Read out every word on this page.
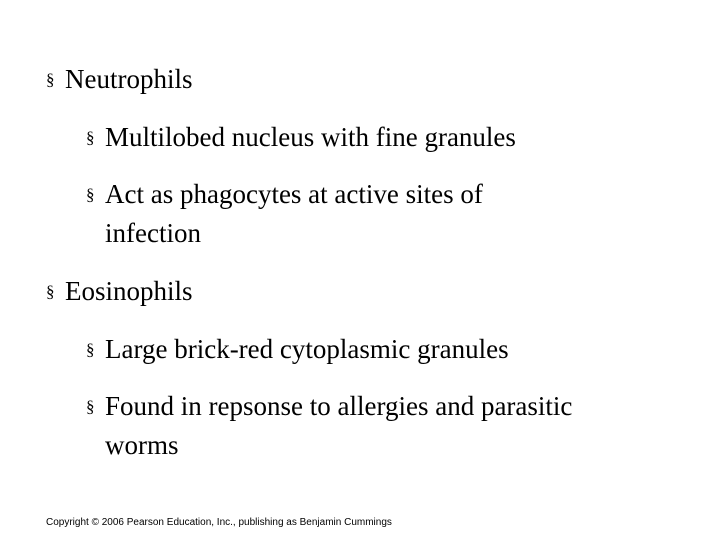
§ Neutrophils
§ Multilobed nucleus with fine granules
§ Act as phagocytes at active sites of
infection
§ Eosinophils
§ Large brick-red cytoplasmic granules
§ Found in repsonse to allergies and parasitic
worms
Copyright © 2006 Pearson Education, Inc., publishing as Benjamin Cummings
